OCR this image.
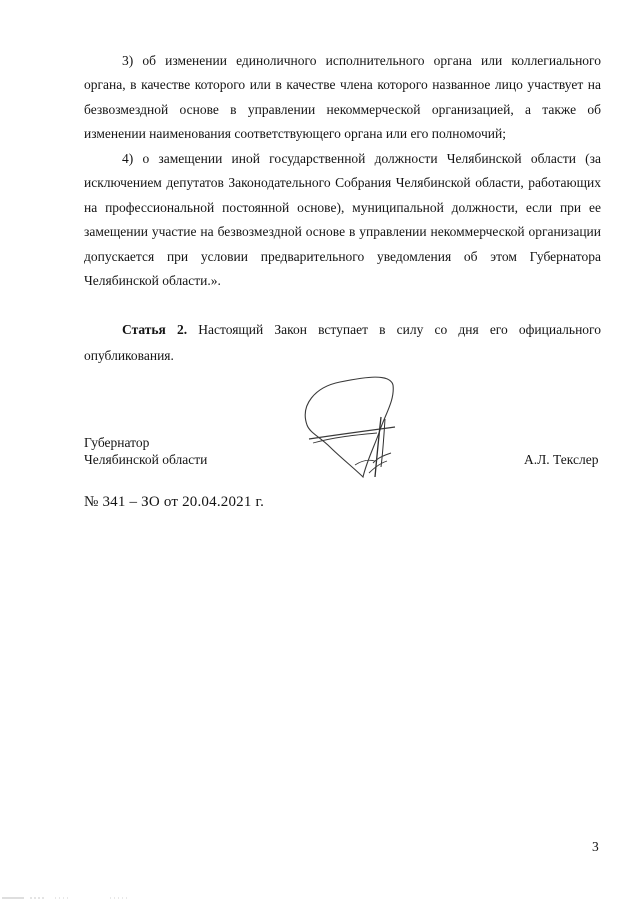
3) об изменении единоличного исполнительного органа или коллегиального органа, в качестве которого или в качестве члена которого названное лицо участвует на безвозмездной основе в управлении некоммерческой организацией, а также об изменении наименования соответствующего органа или его полномочий;

4) о замещении иной государственной должности Челябинской области (за исключением депутатов Законодательного Собрания Челябинской области, работающих на профессиональной постоянной основе), муниципальной должности, если при ее замещении участие на безвозмездной основе в управлении некоммерческой организации допускается при условии предварительного уведомления об этом Губернатора Челябинской области.».

Статья 2. Настоящий Закон вступает в силу со дня его официального опубликования.

Губернатор
Челябинской области	А.Л. Текслер
№ 341 – ЗО от 20.04.2021 г.
3
